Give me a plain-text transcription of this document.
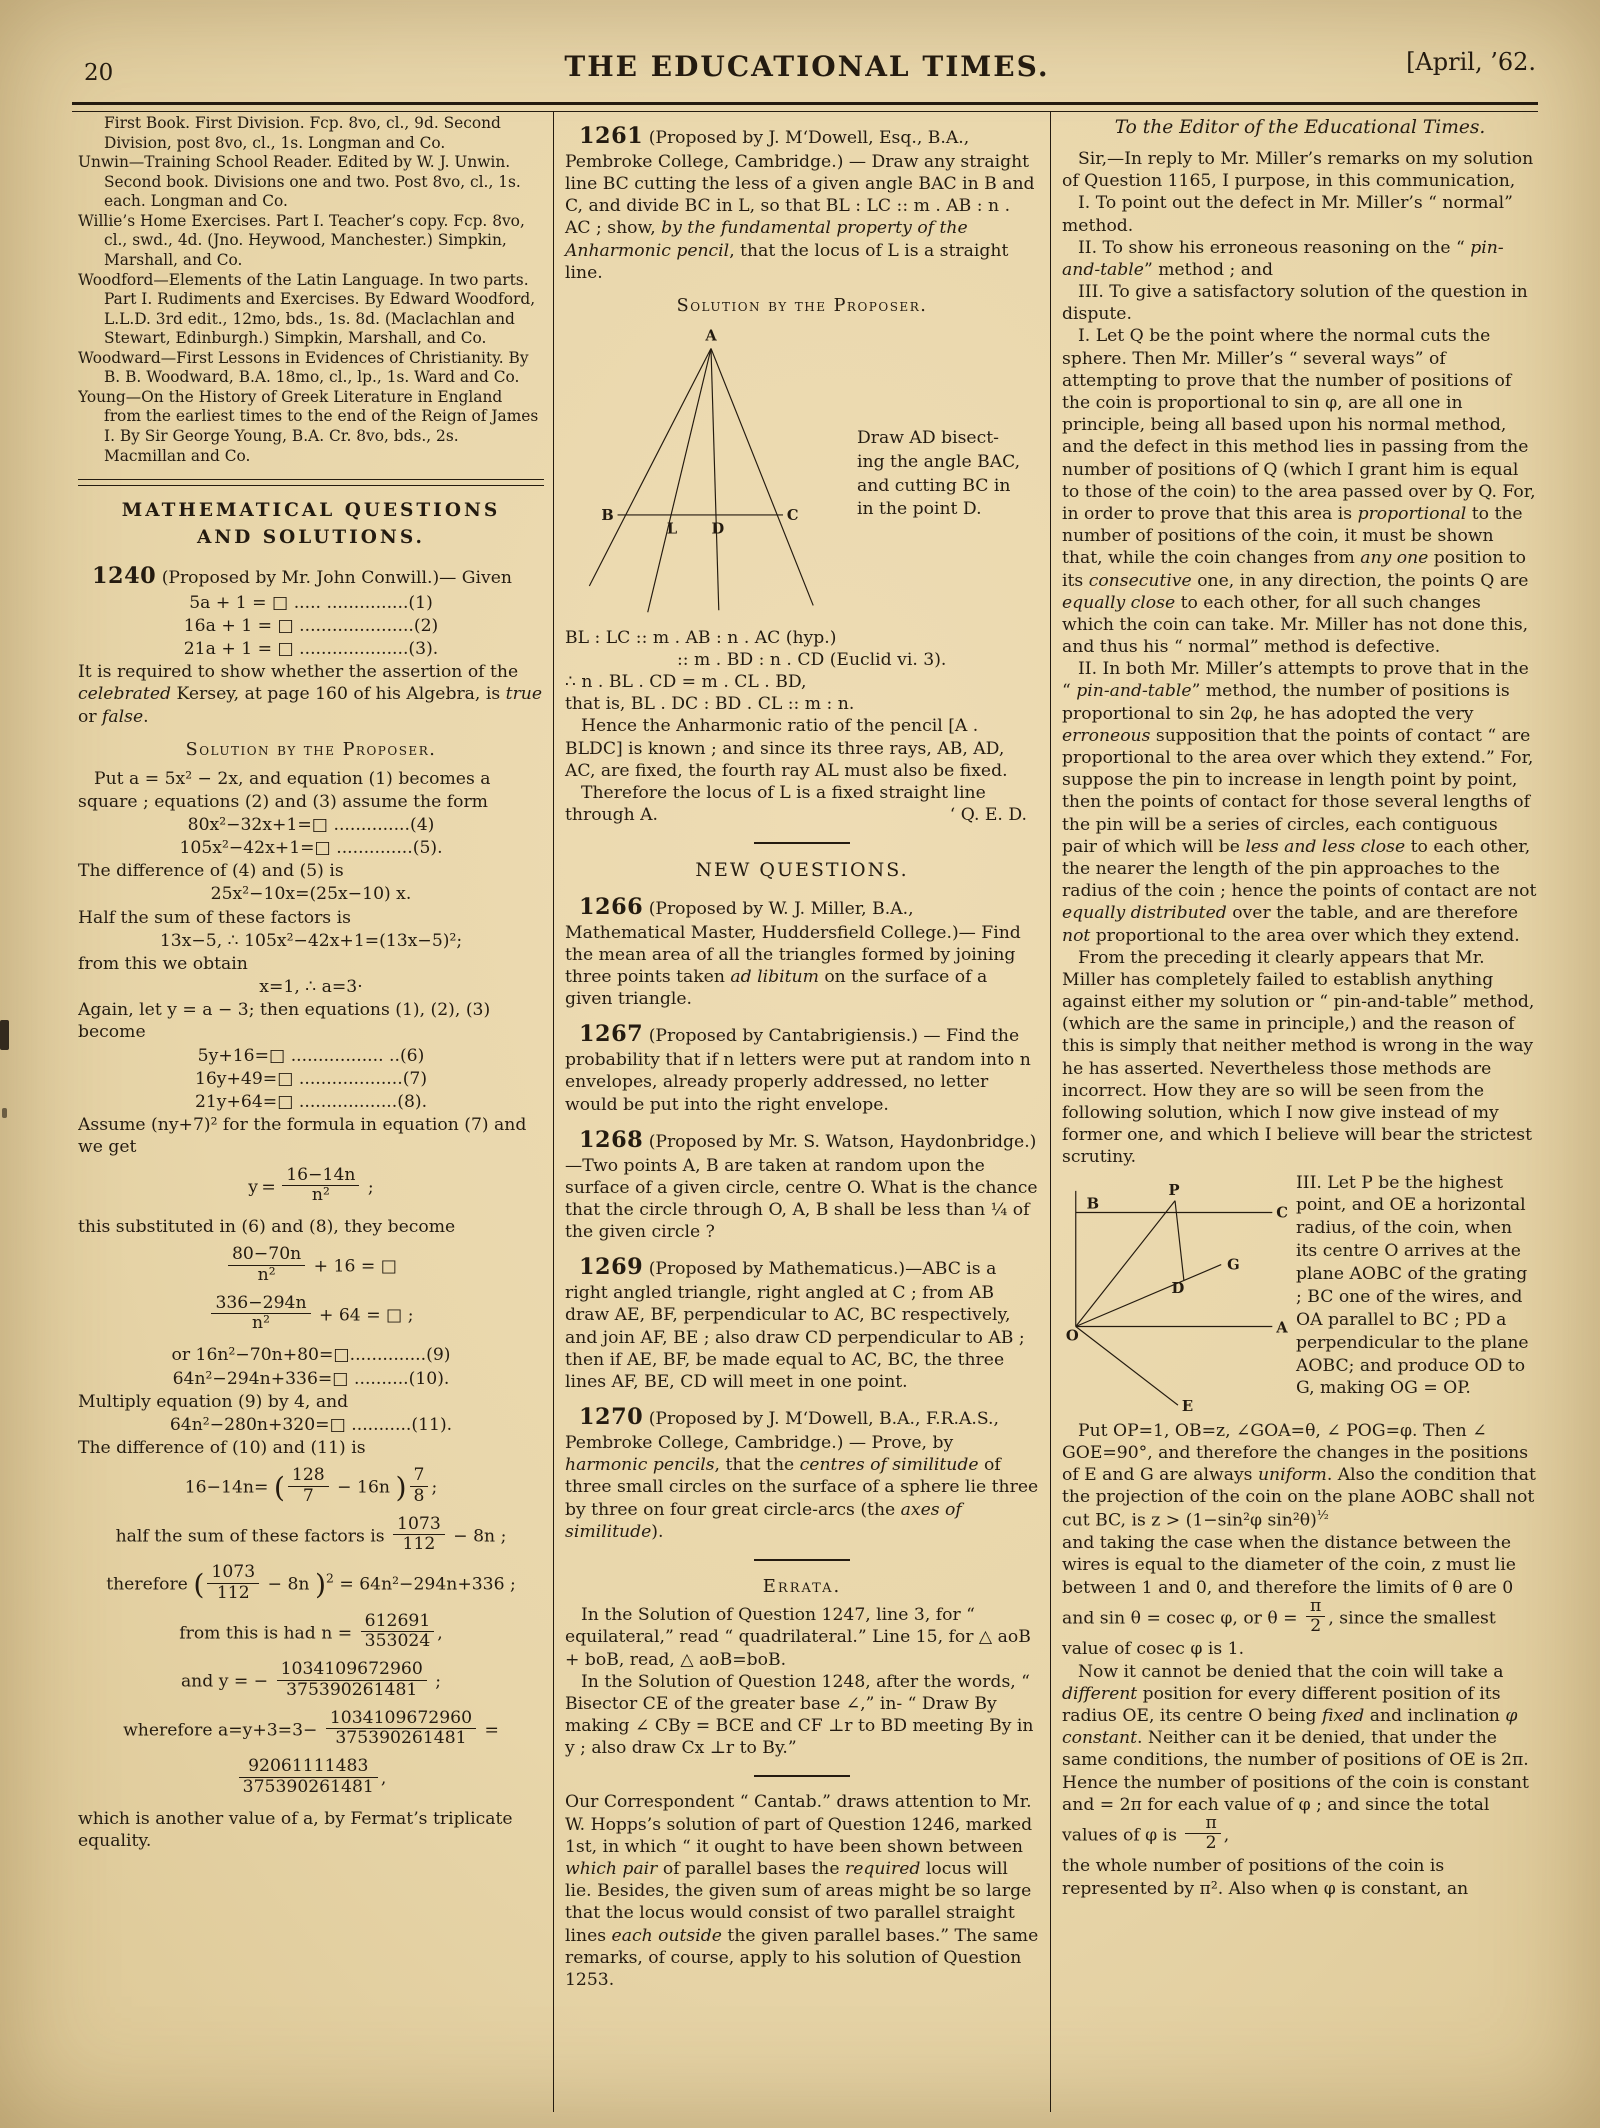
20	THE EDUCATIONAL TIMES.	[April, ’62.
First Book. First Division. Fcp. 8vo, cl., 9d. Second Division, post 8vo, cl., 1s. Longman and Co.
Unwin—Training School Reader. Edited by W. J. Unwin. Second book. Divisions one and two. Post 8vo, cl., 1s. each. Longman and Co.
Willie’s Home Exercises. Part I. Teacher’s copy. Fcp. 8vo, cl., swd., 4d. (Jno. Heywood, Manchester.) Simpkin, Marshall, and Co.
Woodford—Elements of the Latin Language. In two parts. Part I. Rudiments and Exercises. By Edward Woodford, L.L.D. 3rd edit., 12mo, bds., 1s. 8d. (Maclachlan and Stewart, Edinburgh.) Simpkin, Marshall, and Co.
Woodward—First Lessons in Evidences of Christianity. By B. B. Woodward, B.A. 18mo, cl., lp., 1s. Ward and Co.
Young—On the History of Greek Literature in England from the earliest times to the end of the Reign of James I. By Sir George Young, B.A. Cr. 8vo, bds., 2s. Macmillan and Co.
MATHEMATICAL QUESTIONS AND SOLUTIONS.
1240 (Proposed by Mr. John Conwill.)— Given
5a + 1 = □ ..... ...............(1)
16a + 1 = □ .....................(2)
21a + 1 = □ ....................(3).
It is required to show whether the assertion of the celebrated Kersey, at page 160 of his Algebra, is true or false.
Solution by the Proposer.
Put a = 5x² − 2x, and equation (1) becomes a square ; equations (2) and (3) assume the form
80x²−32x+1=□ ..............(4)
105x²−42x+1=□ ..............(5).
The difference of (4) and (5) is
25x²−10x=(25x−10) x.
Half the sum of these factors is
13x−5, ∴ 105x²−42x+1=(13x−5)²;
from this we obtain
x=1, ∴ a=3·
Again, let y = a − 3; then equations (1), (2), (3) become
5y+16=□ ................. ..(6)
16y+49=□ ...................(7)
21y+64=□ ..................(8).
Assume (ny+7)² for the formula in equation (7) and we get
$y = \frac{16-14n}{\text{n²}}$ ;
this substituted in (6) and (8), they become
$\frac{80-70n}{\text{n²}} + 16$ = □
$\frac{336-294n}{\text{n²}} + 64$ = □ ;
or 16n²−70n+80=□..............(9)
64n²−294n+336=□ ..........(10).
Multiply equation (9) by 4, and
64n²−280n+320=□ ...........(11).
The difference of (10) and (11) is
16−14n= ( $\frac{128}{7} - 16n$ ) $\frac{7}{8}$ ;
half the sum of these factors is $\frac{1073}{112} - 8n$ ;
therefore ( $\frac{1073}{112} - 8n$ )$^2$ = 64n²−294n+336 ;
from this is had $n = \frac{612691}{353024}$ ,
and y = − $\frac{1034109672960}{375390261481}$ ;
wherefore $a=y+3=3- \frac{1034109672960}{375390261481}$ =
$\frac{92061111483}{375390261481}$ ,
which is another value of a, by Fermat’s triplicate equality.
1261 (Proposed by J. M‘Dowell, Esq., B.A., Pembroke College, Cambridge.) — Draw any straight line BC cutting the less of a given angle BAC in B and C, and divide BC in L, so that BL : LC :: m . AB : n . AC ; show, by the fundamental property of the Anharmonic pencil, that the locus of L is a straight line.
Solution by the Proposer.
A
B
L D
C
Draw AD bisect-
ing the angle BAC,
and cutting BC in
in the point D.
BL : LC :: m . AB : n . AC (hyp.)
:: m . BD : n . CD (Euclid vi. 3).
∴ n . BL . CD = m . CL . BD,
that is, BL . DC : BD . CL :: m : n.
Hence the Anharmonic ratio of the pencil [A . BLDC] is known ; and since its three rays, AB, AD, AC, are fixed, the fourth ray AL must also be fixed.
Therefore the locus of L is a fixed straight line through A.	‘ Q. E. D.
NEW QUESTIONS.
1266 (Proposed by W. J. Miller, B.A., Mathematical Master, Huddersfield College.)— Find the mean area of all the triangles formed by joining three points taken ad libitum on the surface of a given triangle.
1267 (Proposed by Cantabrigiensis.) — Find the probability that if n letters were put at random into n envelopes, already properly addressed, no letter would be put into the right envelope.
1268 (Proposed by Mr. S. Watson, Haydonbridge.)—Two points A, B are taken at random upon the surface of a given circle, centre O. What is the chance that the circle through O, A, B shall be less than ¼ of the given circle ?
1269 (Proposed by Mathematicus.)—ABC is a right angled triangle, right angled at C ; from AB draw AE, BF, perpendicular to AC, BC respectively, and join AF, BE ; also draw CD perpendicular to AB ; then if AE, BF, be made equal to AC, BC, the three lines AF, BE, CD will meet in one point.
1270 (Proposed by J. M‘Dowell, B.A., F.R.A.S., Pembroke College, Cambridge.) — Prove, by harmonic pencils, that the centres of similitude of three small circles on the surface of a sphere lie three by three on four great circle-arcs (the axes of similitude).
Errata.
In the Solution of Question 1247, line 3, for “ equilateral,” read “ quadrilateral.” Line 15, for △ aoB + boB, read, △ aoB=boB.
In the Solution of Question 1248, after the words, “ Bisector CE of the greater base ∠,” in- “ Draw By making ∠ CBy = BCE and CF ⊥r to BD meeting By in y ; also draw Cx ⊥r to By.”
Our Correspondent “ Cantab.” draws attention to Mr. W. Hopps’s solution of part of Question 1246, marked 1st, in which “ it ought to have been shown between which pair of parallel bases the required locus will lie. Besides, the given sum of areas might be so large that the locus would consist of two parallel straight lines each outside the given parallel bases.” The same remarks, of course, apply to his solution of Question 1253.
To the Editor of the Educational Times.
Sir,—In reply to Mr. Miller’s remarks on my solution of Question 1165, I purpose, in this communication,
I. To point out the defect in Mr. Miller’s “ normal” method.
II. To show his erroneous reasoning on the “ pin-and-table” method ; and
III. To give a satisfactory solution of the question in dispute.
I. Let Q be the point where the normal cuts the sphere. Then Mr. Miller’s “ several ways” of attempting to prove that the number of positions of the coin is proportional to sin φ, are all one in principle, being all based upon his normal method, and the defect in this method lies in passing from the number of positions of Q (which I grant him is equal to those of the coin) to the area passed over by Q. For, in order to prove that this area is proportional to the number of positions of the coin, it must be shown that, while the coin changes from any one position to its consecutive one, in any direction, the points Q are equally close to each other, for all such changes which the coin can take. Mr. Miller has not done this, and thus his “ normal” method is defective.
II. In both Mr. Miller’s attempts to prove that in the “ pin-and-table” method, the number of positions is proportional to sin 2φ, he has adopted the very erroneous supposition that the points of contact “ are proportional to the area over which they extend.” For, suppose the pin to increase in length point by point, then the points of contact for those several lengths of the pin will be a series of circles, each contiguous pair of which will be less and less close to each other, the nearer the length of the pin approaches to the radius of the coin ; hence the points of contact are not equally distributed over the table, and are therefore not proportional to the area over which they extend.
From the preceding it clearly appears that Mr. Miller has completely failed to establish anything against either my solution or “ pin-and-table” method, (which are the same in principle,) and the reason of this is simply that neither method is wrong in the way he has asserted. Nevertheless those methods are incorrect. How they are so will be seen from the following solution, which I now give instead of my former one, and which I believe will bear the strictest scrutiny.
B
P
C
D
G
O	A
E
III. Let P be the highest point, and OE a horizontal radius, of the coin, when its centre O arrives at the plane AOBC of the grating ; BC one of the wires, and OA parallel to BC ; PD a perpendicular to the plane AOBC; and produce OD to G, making OG = OP.
Put OP=1, OB=z, ∠GOA=θ, ∠ POG=φ. Then ∠ GOE=90°, and therefore the changes in the positions of E and G are always uniform. Also the condition that the projection of the coin on the plane AOBC shall not cut BC, is z > (1−sin²φ sin²θ)$^{\frac{1}{2}}$
and taking the case when the distance between the wires is equal to the diameter of the coin, z must lie between 1 and 0, and therefore the limits of θ are 0 and sin θ = cosec φ, or $\theta = \frac{\pi}{2}$ , since the smallest value of cosec φ is 1.
Now it cannot be denied that the coin will take a different position for every different position of its radius OE, its centre O being fixed and inclination φ constant. Neither can it be denied, that under the same conditions, the number of positions of OE is 2π. Hence the number of positions of the coin is constant and = 2π for each value of φ ; and since the total values of φ is $\frac{\pi}{2}$ ,
the whole number of positions of the coin is represented by π². Also when φ is constant, an
